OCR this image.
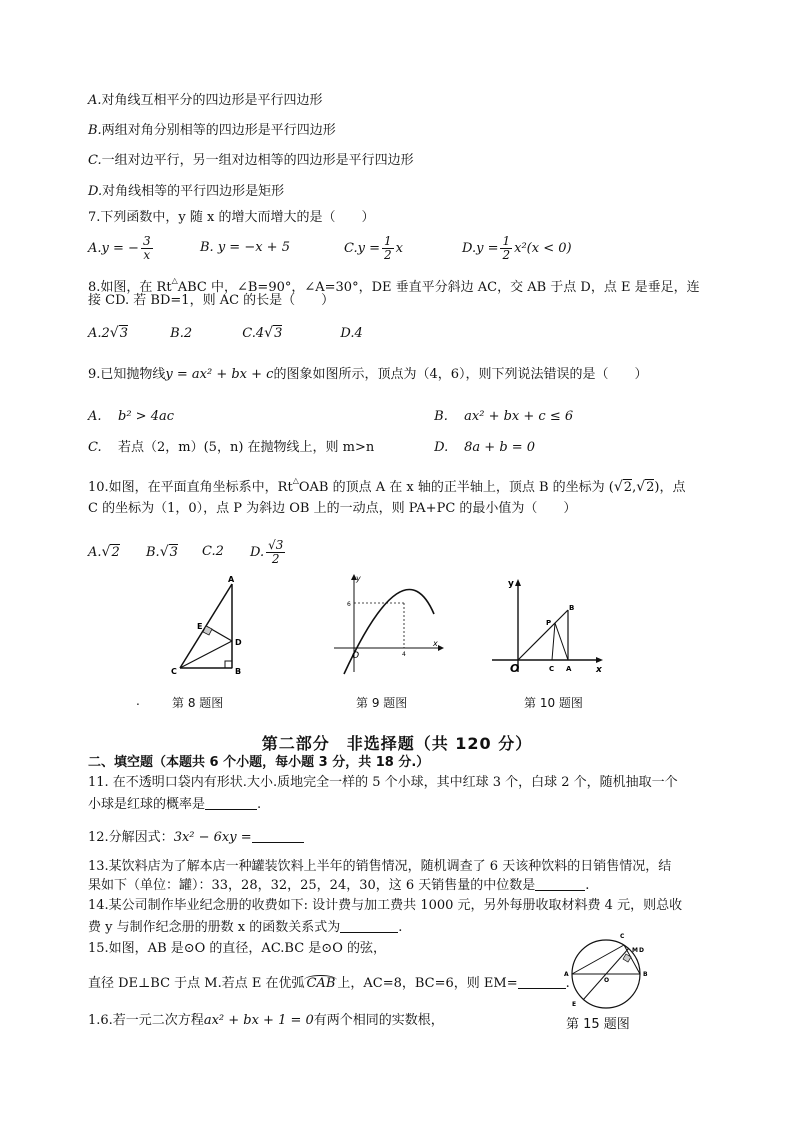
A.对角线互相平分的四边形是平行四边形
B.两组对角分别相等的四边形是平行四边形
C.一组对边平行，另一组对边相等的四边形是平行四边形
D.对角线相等的平行四边形是矩形
7.下列函数中，y 随 x 的增大而增大的是（　　）
A.y = − $\frac{3}{x}$	B. y = −x + 5	$C.y = \frac{1}{2}$ x	$D.y = \frac{1}{2} x^2(x < 0)$
8.如图，在 Rt△ABC 中，∠B=90°，∠A=30°，DE 垂直平分斜边 AC，交 AB 于点 D，点 E 是垂足，连
接 CD. 若 BD=1，则 AC 的长是（　　）
A.2√3	B.2	C.4√3	D.4
9.已知抛物线y = ax² + bx + c的图象如图所示，顶点为（4，6），则下列说法错误的是（　　）
A. b² > 4ac	B. ax² + bx + c ≤ 6
C. 若点（2，m）(5，n) 在抛物线上，则 m>n	D. 8a + b = 0
10.如图，在平面直角坐标系中，Rt△OAB 的顶点 A 在 x 轴的正半轴上，顶点 B 的坐标为 (√2,√2)，点
C 的坐标为（1，0），点 P 为斜边 OB 上的一动点，则 PA+PC 的最小值为（　　）
A.√2	B.√3	C.2	D. $\frac{√3}{2}$
A
E
D
C	B
y
x
O
6
4
y
x
O
B
P
C A
.	第 8 题图	第 9 题图	第 10 题图
第二部分　非选择题（共 120 分）
二、填空题（本题共 6 个小题，每小题 3 分，共 18 分.）
11. 在不透明口袋内有形状.大小.质地完全一样的 5 个小球，其中红球 3 个，白球 2 个，随机抽取一个
小球是红球的概率是	.
12.分解因式：3x² − 6xy =
13.某饮料店为了解本店一种罐装饮料上半年的销售情况，随机调查了 6 天该种饮料的日销售情况，结
果如下（单位：罐）：33，28，32，25，24，30，这 6 天销售量的中位数是	.
14.某公司制作毕业纪念册的收费如下: 设计费与加工费共 1000 元，另外每册收取材料费 4 元，则总收
费 y 与制作纪念册的册数 x 的函数关系式为	.
15.如图，AB 是⊙O 的直径，AC.BC 是⊙O 的弦，
直径 DE⊥BC 于点 M.若点 E 在优弧 CAB 上，AC=8，BC=6，则 EM=	.
C
M D
A
O
B
E
1.6.若一元二次方程ax² + bx + 1 = 0有两个相同的实数根，	第 15 题图
